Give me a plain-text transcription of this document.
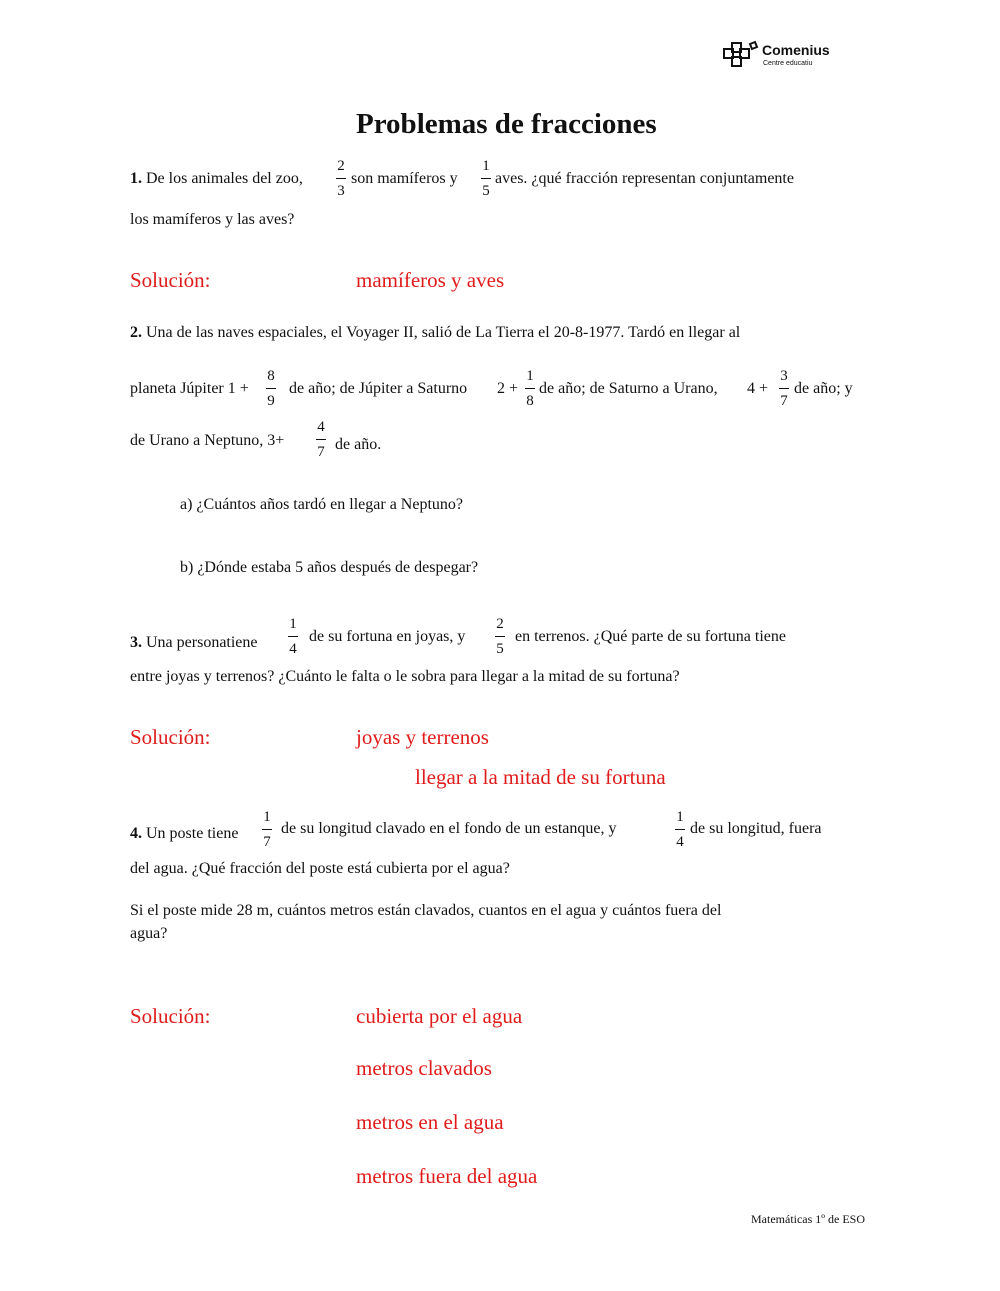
Comenius
Centre educatiu
Problemas de fracciones
1. De los animales del zoo,
2
3
son mamíferos y
1
5
aves. ¿qué fracción representan conjuntamente
los mamíferos y las aves?
Solución:	mamíferos y aves
2. Una de las naves espaciales, el Voyager II, salió de La Tierra el 20-8-1977. Tardó en llegar al
planeta Júpiter 1 +
8
9
de año; de Júpiter a Saturno 2 +
1
8
de año; de Saturno a Urano, 4 +
3
7
de año; y
de Urano a Neptuno, 3+
4
7 de año.
a) ¿Cuántos años tardó en llegar a Neptuno?
b) ¿Dónde estaba 5 años después de despegar?
3. Una personatiene
1
4
de su fortuna en joyas, y
2
5
en terrenos. ¿Qué parte de su fortuna tiene
entre joyas y terrenos? ¿Cuánto le falta o le sobra para llegar a la mitad de su fortuna?
Solución:	joyas y terrenos
llegar a la mitad de su fortuna
4. Un poste tiene
1
7
de su longitud clavado en el fondo de un estanque, y
1
4
de su longitud, fuera
del agua. ¿Qué fracción del poste está cubierta por el agua?
Si el poste mide 28 m, cuántos metros están clavados, cuantos en el agua y cuántos fuera del
agua?
Solución:	cubierta por el agua
metros clavados
metros en el agua
metros fuera del agua
Matemáticas 1º de ESO
